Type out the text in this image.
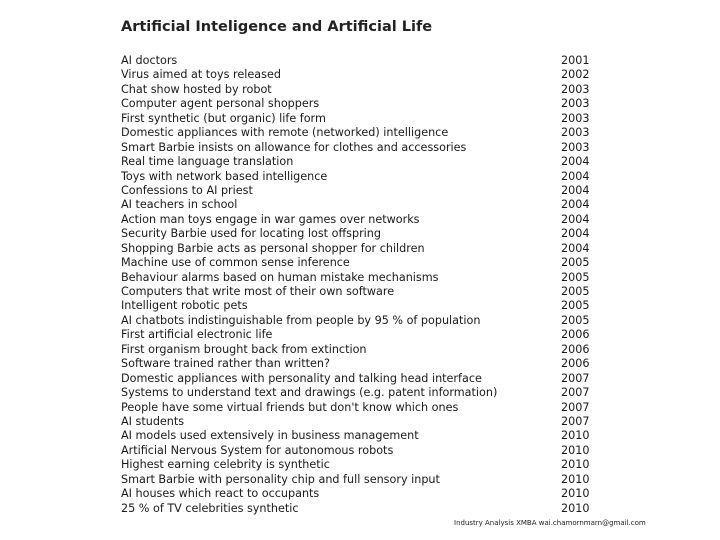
Artificial Inteligence and Artificial Life
AI doctors	2001
Virus aimed at toys released	2002
Chat show hosted by robot	2003
Computer agent personal shoppers	2003
First synthetic (but organic) life form	2003
Domestic appliances with remote (networked) intelligence	2003
Smart Barbie insists on allowance for clothes and accessories	2003
Real time language translation	2004
Toys with network based intelligence	2004
Confessions to AI priest	2004
AI teachers in school	2004
Action man toys engage in war games over networks	2004
Security Barbie used for locating lost offspring	2004
Shopping Barbie acts as personal shopper for children	2004
Machine use of common sense inference	2005
Behaviour alarms based on human mistake mechanisms	2005
Computers that write most of their own software	2005
Intelligent robotic pets	2005
AI chatbots indistinguishable from people by 95 % of population	2005
First artificial electronic life	2006
First organism brought back from extinction	2006
Software trained rather than written?	2006
Domestic appliances with personality and talking head interface	2007
Systems to understand text and drawings (e.g. patent information)	2007
People have some virtual friends but don't know which ones	2007
AI students	2007
AI models used extensively in business management	2010
Artificial Nervous System for autonomous robots	2010
Highest earning celebrity is synthetic	2010
Smart Barbie with personality chip and full sensory input	2010
AI houses which react to occupants	2010
25 % of TV celebrities synthetic	2010
Industry Analysis XMBA wai.chamornmarn@gmail.com
